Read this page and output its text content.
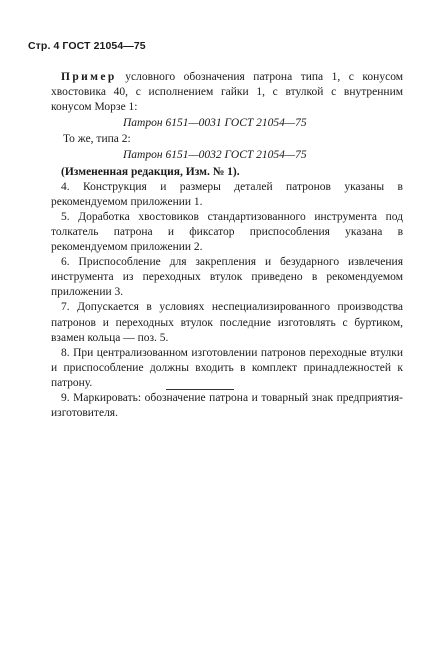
Стр. 4 ГОСТ 21054—75

Пример условного обозначения патрона типа 1, с конусом хвостовика 40, с исполнением гайки 1, с втулкой с внутренним конусом Морзе 1:

Патрон 6151—0031 ГОСТ 21054—75

То же, типа 2:

Патрон 6151—0032 ГОСТ 21054—75

(Измененная редакция, Изм. № 1).

4. Конструкция и размеры деталей патронов указаны в рекомендуемом приложении 1.

5. Доработка хвостовиков стандартизованного инструмента под толкатель патрона и фиксатор приспособления указана в рекомендуемом приложении 2.

6. Приспособление для закрепления и безударного извлечения инструмента из переходных втулок приведено в рекомендуемом приложении 3.

7. Допускается в условиях неспециализированного производства патронов и переходных втулок последние изготовлять с буртиком, взамен кольца — поз. 5.

8. При централизованном изготовлении патронов переходные втулки и приспособление должны входить в комплект принадлежностей к патрону.

9. Маркировать: обозначение патрона и товарный знак предприятия-изготовителя.
